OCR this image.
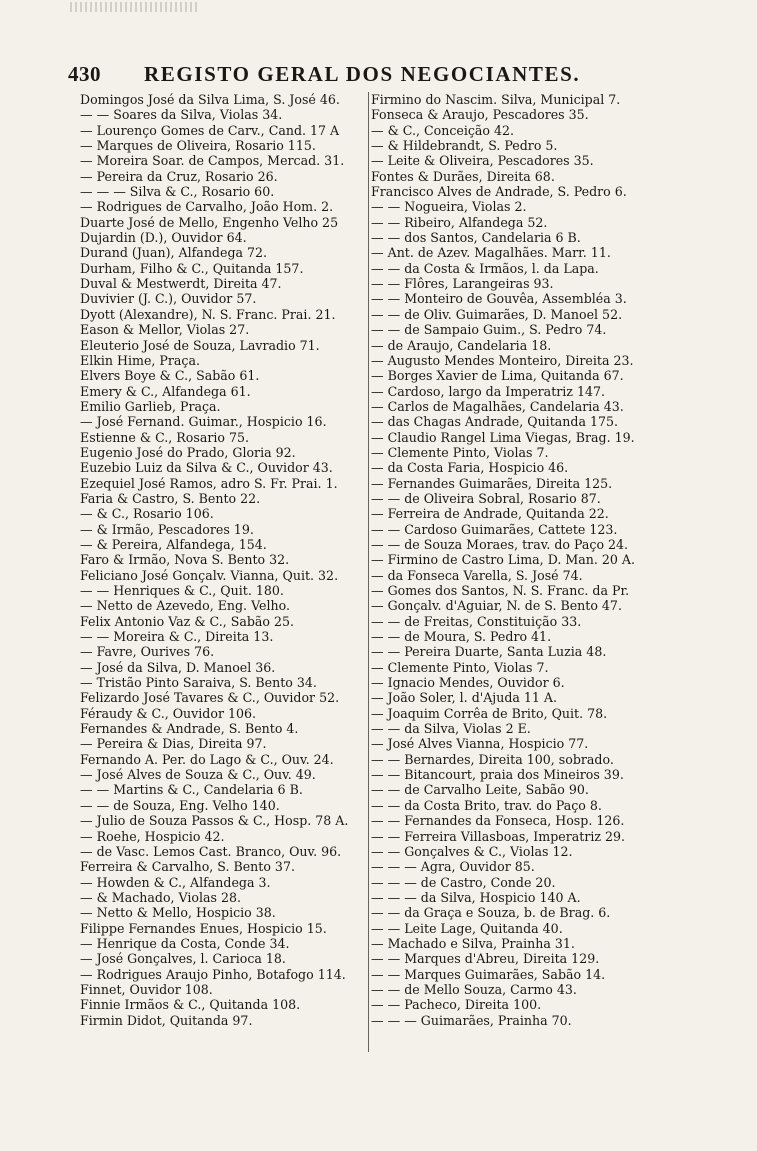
430 REGISTO GERAL DOS NEGOCIANTES.
Domingos José da Silva Lima, S. José 46.
— — Soares da Silva, Violas 34.
— Lourenço Gomes de Carv., Cand. 17 A
— Marques de Oliveira, Rosario 115.
— Moreira Soar. de Campos, Mercad. 31.
— Pereira da Cruz, Rosario 26.
— — — Silva & C., Rosario 60.
— Rodrigues de Carvalho, João Hom. 2.
Duarte José de Mello, Engenho Velho 25
Dujardin (D.), Ouvidor 64.
Durand (Juan), Alfandega 72.
Durham, Filho & C., Quitanda 157.
Duval & Mestwerdt, Direita 47.
Duvivier (J. C.), Ouvidor 57.
Dyott (Alexandre), N. S. Franc. Prai. 21.
Eason & Mellor, Violas 27.
Eleuterio José de Souza, Lavradio 71.
Elkin Hime, Praça.
Elvers Boye & C., Sabão 61.
Emery & C., Alfandega 61.
Emilio Garlieb, Praça.
— José Fernand. Guimar., Hospicio 16.
Estienne & C., Rosario 75.
Eugenio José do Prado, Gloria 92.
Euzebio Luiz da Silva & C., Ouvidor 43.
Ezequiel José Ramos, adro S. Fr. Prai. 1.
Faria & Castro, S. Bento 22.
— & C., Rosario 106.
— & Irmão, Pescadores 19.
— & Pereira, Alfandega, 154.
Faro & Irmão, Nova S. Bento 32.
Feliciano José Gonçalv. Vianna, Quit. 32.
— — Henriques & C., Quit. 180.
— Netto de Azevedo, Eng. Velho.
Felix Antonio Vaz & C., Sabão 25.
— — Moreira & C., Direita 13.
— Favre, Ourives 76.
— José da Silva, D. Manoel 36.
— Tristão Pinto Saraiva, S. Bento 34.
Felizardo José Tavares & C., Ouvidor 52.
Féraudy & C., Ouvidor 106.
Fernandes & Andrade, S. Bento 4.
— Pereira & Dias, Direita 97.
Fernando A. Per. do Lago & C., Ouv. 24.
— José Alves de Souza & C., Ouv. 49.
— — Martins & C., Candelaria 6 B.
— — de Souza, Eng. Velho 140.
— Julio de Souza Passos & C., Hosp. 78 A.
— Roehe, Hospicio 42.
— de Vasc. Lemos Cast. Branco, Ouv. 96.
Ferreira & Carvalho, S. Bento 37.
— Howden & C., Alfandega 3.
— & Machado, Violas 28.
— Netto & Mello, Hospicio 38.
Filippe Fernandes Enues, Hospicio 15.
— Henrique da Costa, Conde 34.
— José Gonçalves, l. Carioca 18.
— Rodrigues Araujo Pinho, Botafogo 114.
Finnet, Ouvidor 108.
Finnie Irmãos & C., Quitanda 108.
Firmin Didot, Quitanda 97.
Firmino do Nascim. Silva, Municipal 7.
Fonseca & Araujo, Pescadores 35.
— & C., Conceição 42.
— & Hildebrandt, S. Pedro 5.
— Leite & Oliveira, Pescadores 35.
Fontes & Durães, Direita 68.
Francisco Alves de Andrade, S. Pedro 6.
— — Nogueira, Violas 2.
— — Ribeiro, Alfandega 52.
— — dos Santos, Candelaria 6 B.
— Ant. de Azev. Magalhães. Marr. 11.
— — da Costa & Irmãos, l. da Lapa.
— — Flôres, Larangeiras 93.
— — Monteiro de Gouvêa, Assembléa 3.
— — de Oliv. Guimarães, D. Manoel 52.
— — de Sampaio Guim., S. Pedro 74.
— de Araujo, Candelaria 18.
— Augusto Mendes Monteiro, Direita 23.
— Borges Xavier de Lima, Quitanda 67.
— Cardoso, largo da Imperatriz 147.
— Carlos de Magalhães, Candelaria 43.
— das Chagas Andrade, Quitanda 175.
— Claudio Rangel Lima Viegas, Brag. 19.
— Clemente Pinto, Violas 7.
— da Costa Faria, Hospicio 46.
— Fernandes Guimarães, Direita 125.
— — de Oliveira Sobral, Rosario 87.
— Ferreira de Andrade, Quitanda 22.
— — Cardoso Guimarães, Cattete 123.
— — de Souza Moraes, trav. do Paço 24.
— Firmino de Castro Lima, D. Man. 20 A.
— da Fonseca Varella, S. José 74.
— Gomes dos Santos, N. S. Franc. da Pr.
— Gonçalv. d'Aguiar, N. de S. Bento 47.
— — de Freitas, Constituição 33.
— — de Moura, S. Pedro 41.
— — Pereira Duarte, Santa Luzia 48.
— Clemente Pinto, Violas 7.
— Ignacio Mendes, Ouvidor 6.
— João Soler, l. d'Ajuda 11 A.
— Joaquim Corrêa de Brito, Quit. 78.
— — da Silva, Violas 2 E.
— José Alves Vianna, Hospicio 77.
— — Bernardes, Direita 100, sobrado.
— — Bitancourt, praia dos Mineiros 39.
— — de Carvalho Leite, Sabão 90.
— — da Costa Brito, trav. do Paço 8.
— — Fernandes da Fonseca, Hosp. 126.
— — Ferreira Villasboas, Imperatriz 29.
— — Gonçalves & C., Violas 12.
— — — Agra, Ouvidor 85.
— — — de Castro, Conde 20.
— — — da Silva, Hospicio 140 A.
— — da Graça e Souza, b. de Brag. 6.
— — Leite Lage, Quitanda 40.
— Machado e Silva, Prainha 31.
— — Marques d'Abreu, Direita 129.
— — Marques Guimarães, Sabão 14.
— — de Mello Souza, Carmo 43.
— — Pacheco, Direita 100.
— — — Guimarães, Prainha 70.
